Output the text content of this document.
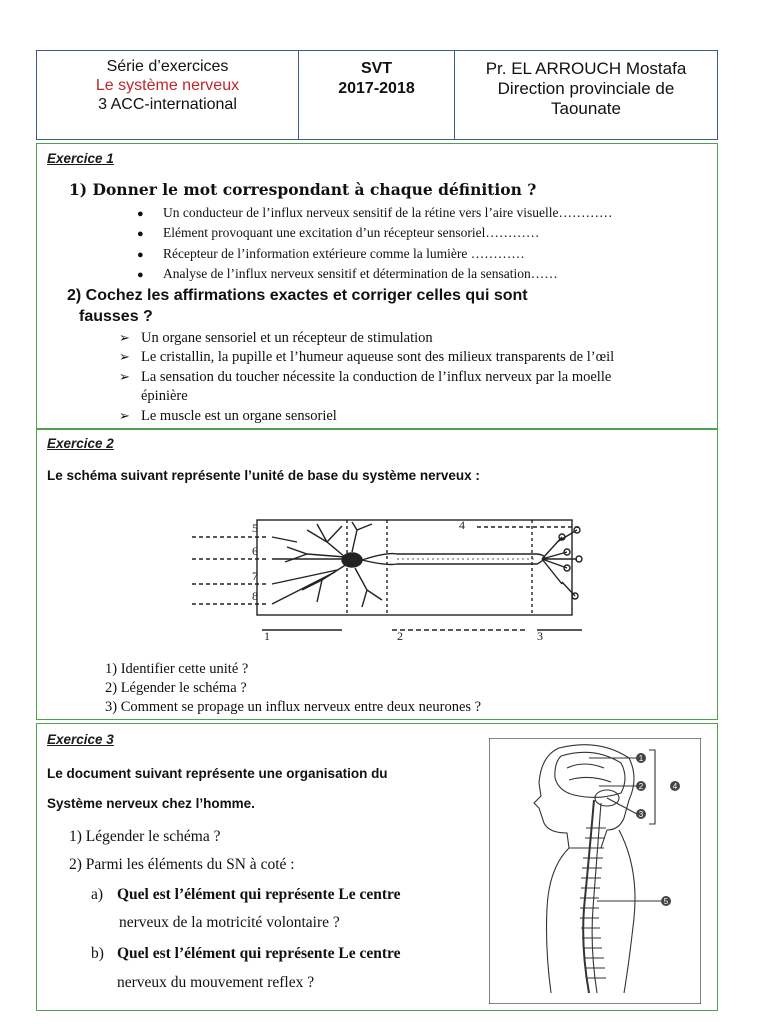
Série d’exercices
Le système nerveux
3 ACC-international
SVT
2017-2018
Pr. EL ARROUCH Mostafa
Direction provinciale de
Taounate
Exercice 1
1) Donner le mot correspondant à chaque définition ?
● Un conducteur de l’influx nerveux sensitif de la rétine vers l’aire visuelle…………
● Elément provoquant une excitation d’un récepteur sensoriel…………
● Récepteur de l’information extérieure comme la lumière …………
● Analyse de l’influx nerveux sensitif et détermination de la sensation……
2) Cochez les affirmations exactes et corriger celles qui sont
fausses ?
➢ Un organe sensoriel et un récepteur de stimulation
➢ Le cristallin, la pupille et l’humeur aqueuse sont des milieux transparents de l’œil
➢ La sensation du toucher nécessite la conduction de l’influx nerveux par la moelle
épinière
➢ Le muscle est un organe sensoriel
Exercice 2
Le schéma suivant représente l’unité de base du système nerveux :
5
6
7
8
4
1	2	3
1) Identifier cette unité ?
2) Légender le schéma ?
3) Comment se propage un influx nerveux entre deux neurones ?
Exercice 3
Le document suivant représente une organisation du
Système nerveux chez l’homme.
1) Légender le schéma ?
2) Parmi les éléments du SN à coté :
a) Quel est l’élément qui représente Le centre
nerveux de la motricité volontaire ?
b) Quel est l’élément qui représente Le centre
nerveux du mouvement reflex ?
1
2
3
4
5
